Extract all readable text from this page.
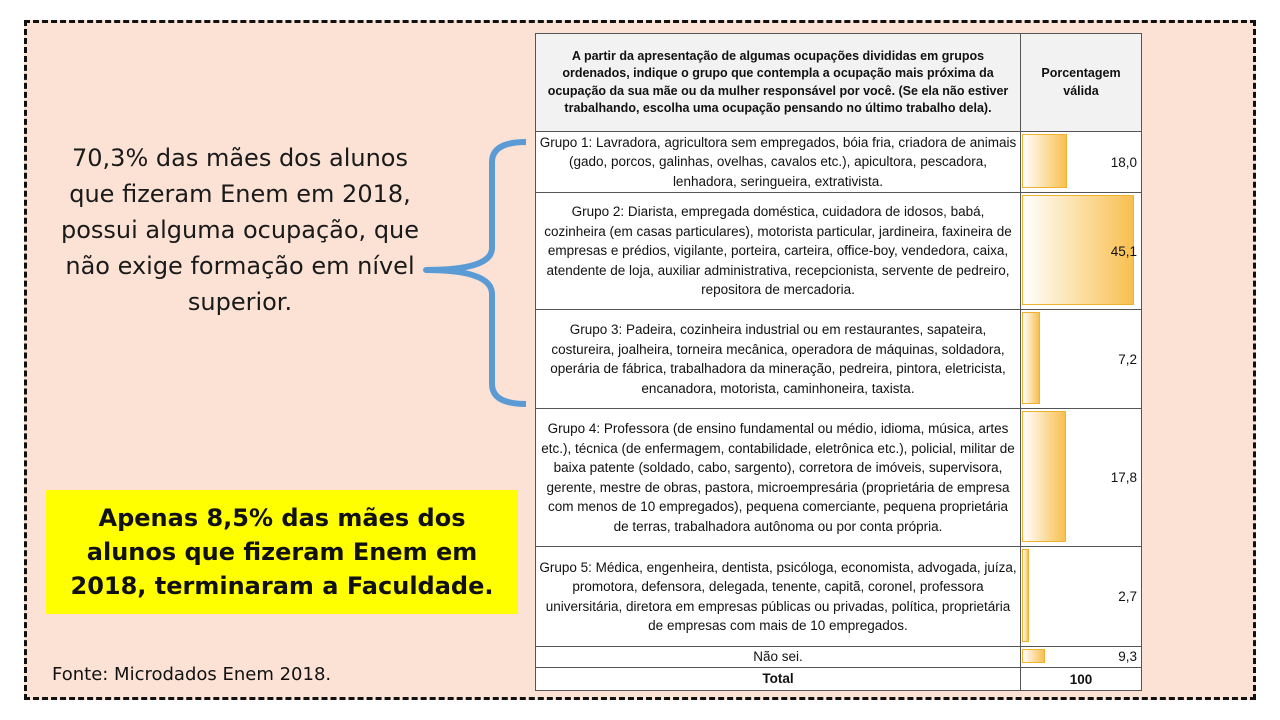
70,3% das mães dos alunos que fizeram Enem em 2018, possui alguma ocupação, que não exige formação em nível superior.
Apenas 8,5% das mães dos alunos que fizeram Enem em 2018, terminaram a Faculdade.
Fonte: Microdados Enem 2018.
A partir da apresentação de algumas ocupações divididas em grupos ordenados, indique o grupo que contempla a ocupação mais próxima da ocupação da sua mãe ou da mulher responsável por você. (Se ela não estiver trabalhando, escolha uma ocupação pensando no último trabalho dela).	Porcentagem válida
Grupo 1: Lavradora, agricultora sem empregados, bóia fria, criadora de animais (gado, porcos, galinhas, ovelhas, cavalos etc.), apicultora, pescadora, lenhadora, seringueira, extrativista.	18,0
Grupo 2: Diarista, empregada doméstica, cuidadora de idosos, babá, cozinheira (em casas particulares), motorista particular, jardineira, faxineira de empresas e prédios, vigilante, porteira, carteira, office-boy, vendedora, caixa, atendente de loja, auxiliar administrativa, recepcionista, servente de pedreiro, repositora de mercadoria.	45,1
Grupo 3: Padeira, cozinheira industrial ou em restaurantes, sapateira, costureira, joalheira, torneira mecânica, operadora de máquinas, soldadora, operária de fábrica, trabalhadora da mineração, pedreira, pintora, eletricista, encanadora, motorista, caminhoneira, taxista.	7,2
Grupo 4: Professora (de ensino fundamental ou médio, idioma, música, artes etc.), técnica (de enfermagem, contabilidade, eletrônica etc.), policial, militar de baixa patente (soldado, cabo, sargento), corretora de imóveis, supervisora, gerente, mestre de obras, pastora, microempresária (proprietária de empresa com menos de 10 empregados), pequena comerciante, pequena proprietária de terras, trabalhadora autônoma ou por conta própria.	17,8
Grupo 5: Médica, engenheira, dentista, psicóloga, economista, advogada, juíza, promotora, defensora, delegada, tenente, capitã, coronel, professora universitária, diretora em empresas públicas ou privadas, política, proprietária de empresas com mais de 10 empregados.	2,7
Não sei.	9,3
Total	100
